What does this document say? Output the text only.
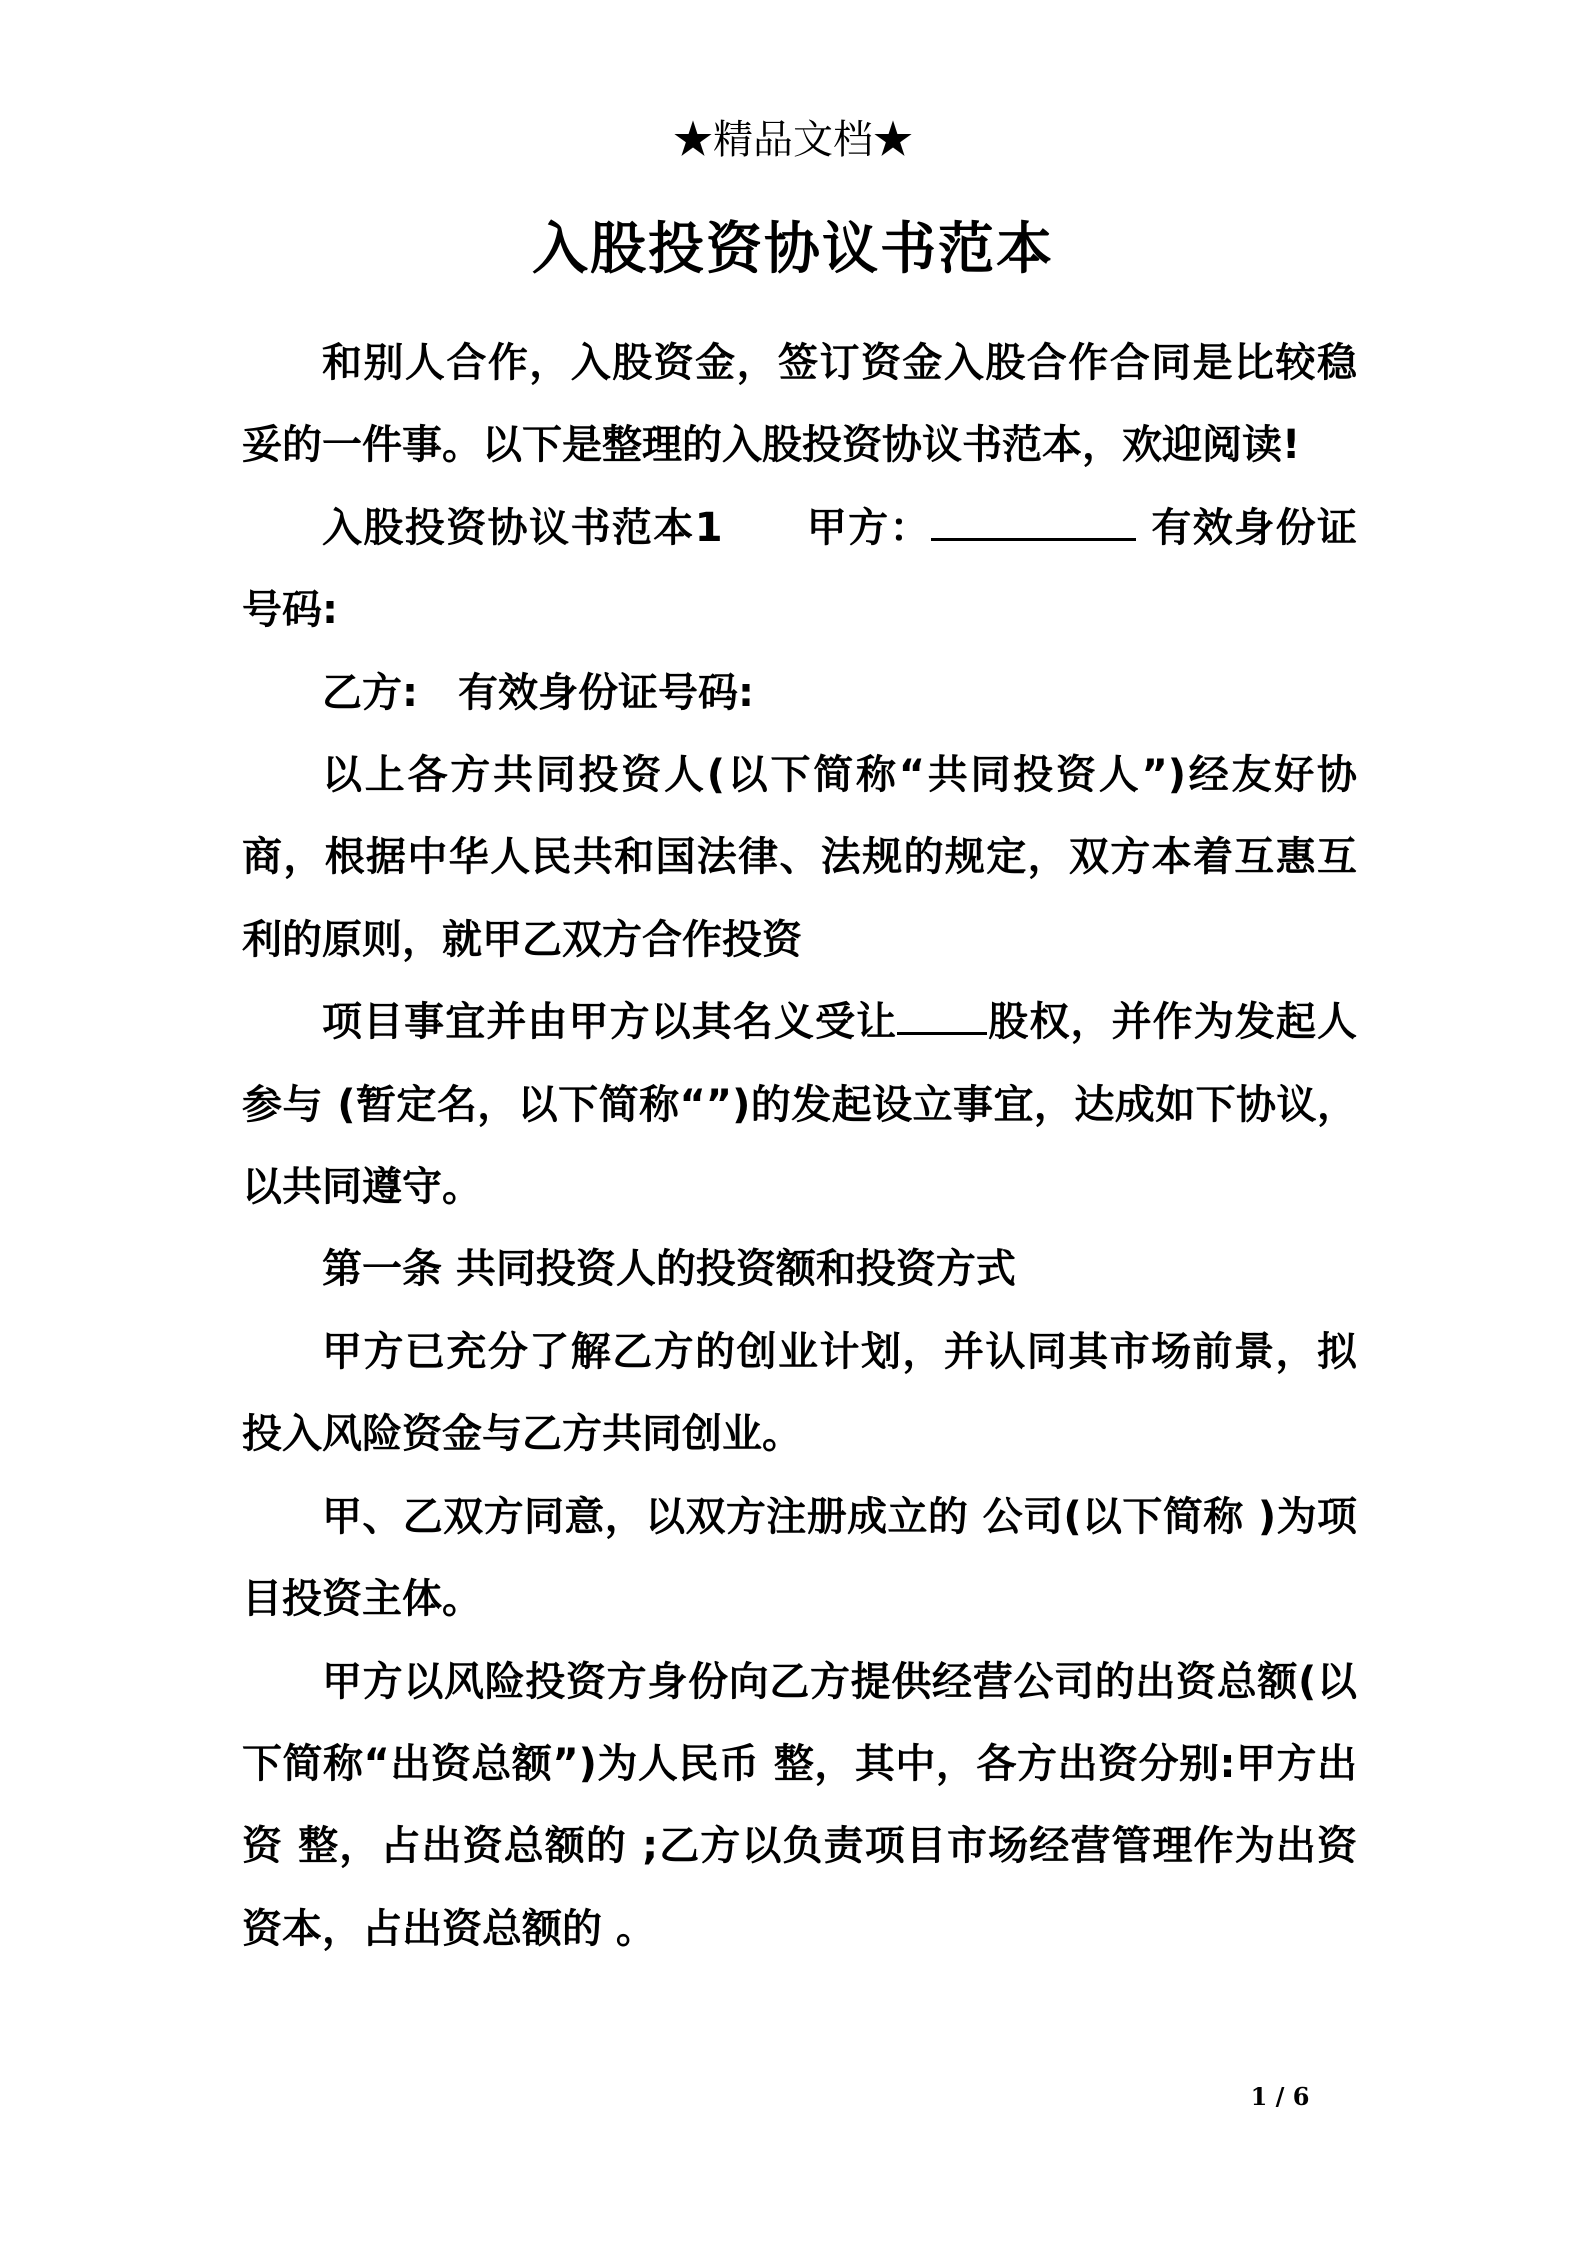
★精品文档★
入股投资协议书范本

和别人合作，入股资金，签订资金入股合作合同是比较稳妥的一件事。以下是整理的入股投资协议书范本，欢迎阅读!

入股投资协议书范本1　　甲方：	有效身份证号码:

乙方:　有效身份证号码:

以上各方共同投资人(以下简称“共同投资人”)经友好协商，根据中华人民共和国法律、法规的规定，双方本着互惠互利的原则，就甲乙双方合作投资

项目事宜并由甲方以其名义受让 股权，并作为发起人参与 (暂定名，以下简称“”)的发起设立事宜，达成如下协议，以共同遵守。

第一条 共同投资人的投资额和投资方式

甲方已充分了解乙方的创业计划，并认同其市场前景，拟投入风险资金与乙方共同创业。

甲、乙双方同意，以双方注册成立的 公司(以下简称 )为项目投资主体。

甲方以风险投资方身份向乙方提供经营公司的出资总额(以下简称“出资总额”)为人民币 整，其中，各方出资分别:甲方出资 整，占出资总额的 ;乙方以负责项目市场经营管理作为出资资本，占出资总额的 。

1 / 6
